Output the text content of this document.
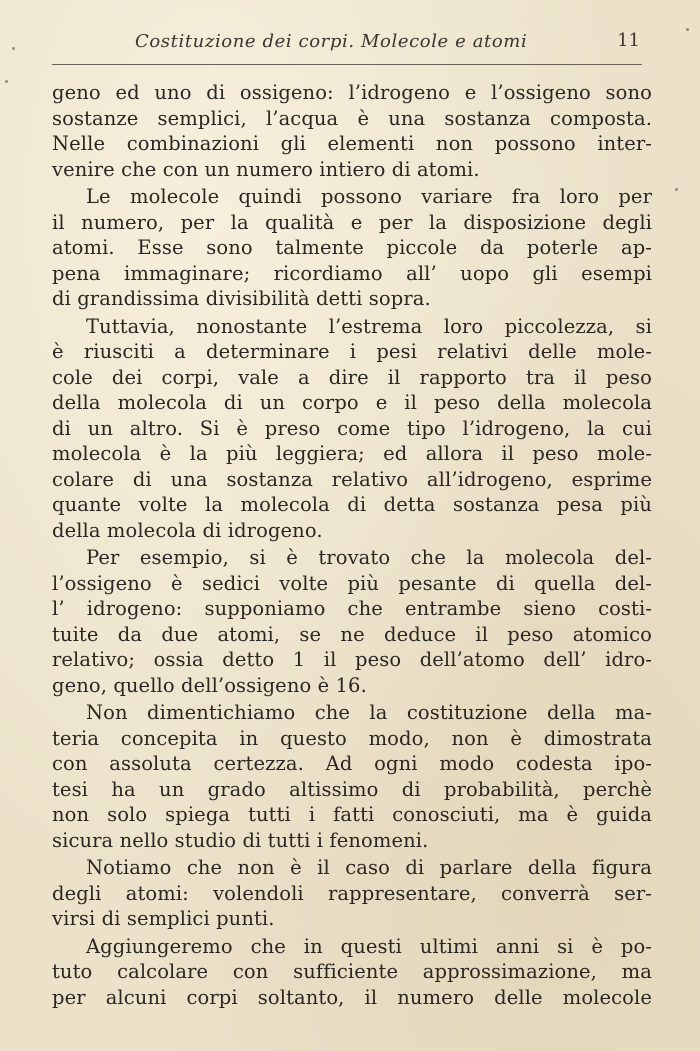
Costituzione dei corpi. Molecole e atomi	11
geno ed uno di ossigeno: l’idrogeno e l’ossigeno sono
sostanze semplici, l’acqua è una sostanza composta.
Nelle combinazioni gli elementi non possono inter-
venire che con un numero intiero di atomi.
Le molecole quindi possono variare fra loro per
il numero, per la qualità e per la disposizione degli
atomi. Esse sono talmente piccole da poterle ap-
pena immaginare; ricordiamo all’ uopo gli esempi
di grandissima divisibilità detti sopra.
Tuttavia, nonostante l’estrema loro piccolezza, si
è riusciti a determinare i pesi relativi delle mole-
cole dei corpi, vale a dire il rapporto tra il peso
della molecola di un corpo e il peso della molecola
di un altro. Si è preso come tipo l’idrogeno, la cui
molecola è la più leggiera; ed allora il peso mole-
colare di una sostanza relativo all’idrogeno, esprime
quante volte la molecola di detta sostanza pesa più
della molecola di idrogeno.
Per esempio, si è trovato che la molecola del-
l’ossigeno è sedici volte più pesante di quella del-
l’ idrogeno: supponiamo che entrambe sieno costi-
tuite da due atomi, se ne deduce il peso atomico
relativo; ossia detto 1 il peso dell’atomo dell’ idro-
geno, quello dell’ossigeno è 16.
Non dimentichiamo che la costituzione della ma-
teria concepita in questo modo, non è dimostrata
con assoluta certezza. Ad ogni modo codesta ipo-
tesi ha un grado altissimo di probabilità, perchè
non solo spiega tutti i fatti conosciuti, ma è guida
sicura nello studio di tutti i fenomeni.
Notiamo che non è il caso di parlare della figura
degli atomi: volendoli rappresentare, converrà ser-
virsi di semplici punti.
Aggiungeremo che in questi ultimi anni si è po-
tuto calcolare con sufficiente approssimazione, ma
per alcuni corpi soltanto, il numero delle molecole
